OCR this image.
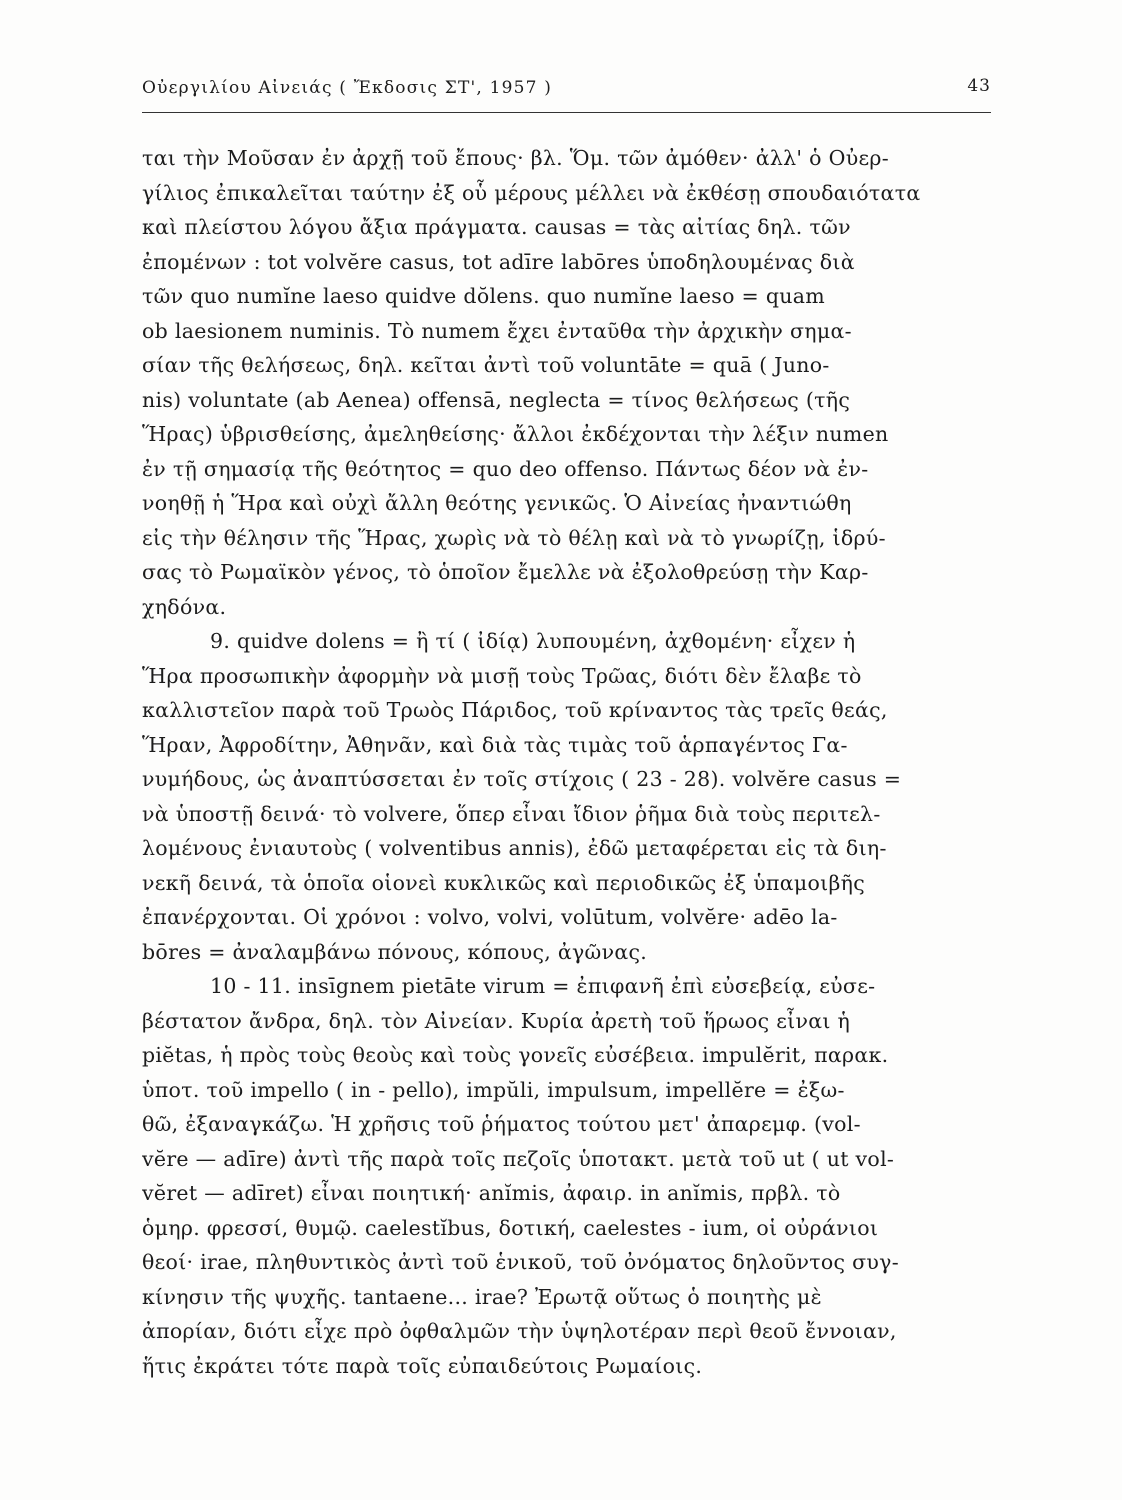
Οὐεργιλίου Αἰνειάς ( Ἔκδοσις ΣΤ', 1957 )	43
ται τὴν Μοῦσαν ἐν ἀρχῇ τοῦ ἔπους· βλ. Ὅμ. τῶν ἀμόθεν· ἀλλ' ὁ Οὐερ-
γίλιος ἐπικαλεῖται ταύτην ἐξ οὗ μέρους μέλλει νὰ ἐκθέσῃ σπουδαιότατα
καὶ πλείστου λόγου ἄξια πράγματα. causas = τὰς αἰτίας δηλ. τῶν
ἐπομένων : tot volvĕre casus, tot adīre labōres ὑποδηλουμένας διὰ
τῶν quo numĭne laeso quidve dŏlens. quo numĭne laeso = quam
ob laesionem numinis. Τὸ numem ἔχει ἐνταῦθα τὴν ἀρχικὴν σημα-
σίαν τῆς θελήσεως, δηλ. κεῖται ἀντὶ τοῦ voluntāte = quā ( Juno-
nis) voluntate (ab Aenea) offensā, neglecta = τίνος θελήσεως (τῆς
Ἥρας) ὑβρισθείσης, ἀμεληθείσης· ἄλλοι ἐκδέχονται τὴν λέξιν numen
ἐν τῇ σημασίᾳ τῆς θεότητος = quo deo offenso. Πάντως δέον νὰ ἐν-
νοηθῇ ἡ Ἥρα καὶ οὐχὶ ἄλλη θεότης γενικῶς. Ὁ Αἰνείας ἠναντιώθη
εἰς τὴν θέλησιν τῆς Ἥρας, χωρὶς νὰ τὸ θέλῃ καὶ νὰ τὸ γνωρίζῃ, ἱδρύ-
σας τὸ Ρωμαϊκὸν γένος, τὸ ὁποῖον ἔμελλε νὰ ἐξολοθρεύσῃ τὴν Καρ-
χηδόνα.
9. quidve dolens = ἢ τί ( ἰδίᾳ) λυπουμένη, ἀχθομένη· εἶχεν ἡ
Ἥρα προσωπικὴν ἀφορμὴν νὰ μισῇ τοὺς Τρῶας, διότι δὲν ἔλαβε τὸ
καλλιστεῖον παρὰ τοῦ Τρωὸς Πάριδος, τοῦ κρίναντος τὰς τρεῖς θεάς,
Ἥραν, Ἀφροδίτην, Ἀθηνᾶν, καὶ διὰ τὰς τιμὰς τοῦ ἁρπαγέντος Γα-
νυμήδους, ὡς ἀναπτύσσεται ἐν τοῖς στίχοις ( 23 - 28). volvĕre casus =
νὰ ὑποστῇ δεινά· τὸ volvere, ὅπερ εἶναι ἴδιον ῥῆμα διὰ τοὺς περιτελ-
λομένους ἐνιαυτοὺς ( volventibus annis), ἐδῶ μεταφέρεται εἰς τὰ διη-
νεκῆ δεινά, τὰ ὁποῖα οἱονεὶ κυκλικῶς καὶ περιοδικῶς ἐξ ὑπαμοιβῆς
ἐπανέρχονται. Οἱ χρόνοι : volvo, volvi, volūtum, volvĕre· adēo la-
bōres = ἀναλαμβάνω πόνους, κόπους, ἀγῶνας.
10 - 11. insīgnem pietāte virum = ἐπιφανῆ ἐπὶ εὐσεβείᾳ, εὐσε-
βέστατον ἄνδρα, δηλ. τὸν Αἰνείαν. Κυρία ἀρετὴ τοῦ ἥρωος εἶναι ἡ
piĕtas, ἡ πρὸς τοὺς θεοὺς καὶ τοὺς γονεῖς εὐσέβεια. impulĕrit, παρακ.
ὑποτ. τοῦ impello ( in - pello), impŭli, impulsum, impellĕre = ἐξω-
θῶ, ἐξαναγκάζω. Ἡ χρῆσις τοῦ ῥήματος τούτου μετ' ἀπαρεμφ. (vol-
vĕre — adīre) ἀντὶ τῆς παρὰ τοῖς πεζοῖς ὑποτακτ. μετὰ τοῦ ut ( ut vol-
vĕret — adīret) εἶναι ποιητική· anĭmis, ἀφαιρ. in anĭmis, πρβλ. τὸ
ὁμηρ. φρεσσί, θυμῷ. caelestĭbus, δοτική, caelestes - ium, οἱ οὐράνιοι
θεοί· irae, πληθυντικὸς ἀντὶ τοῦ ἑνικοῦ, τοῦ ὀνόματος δηλοῦντος συγ-
κίνησιν τῆς ψυχῆς. tantaene... irae? Ἐρωτᾷ οὕτως ὁ ποιητὴς μὲ
ἀπορίαν, διότι εἶχε πρὸ ὀφθαλμῶν τὴν ὑψηλοτέραν περὶ θεοῦ ἔννοιαν,
ἥτις ἐκράτει τότε παρὰ τοῖς εὐπαιδεύτοις Ρωμαίοις.
